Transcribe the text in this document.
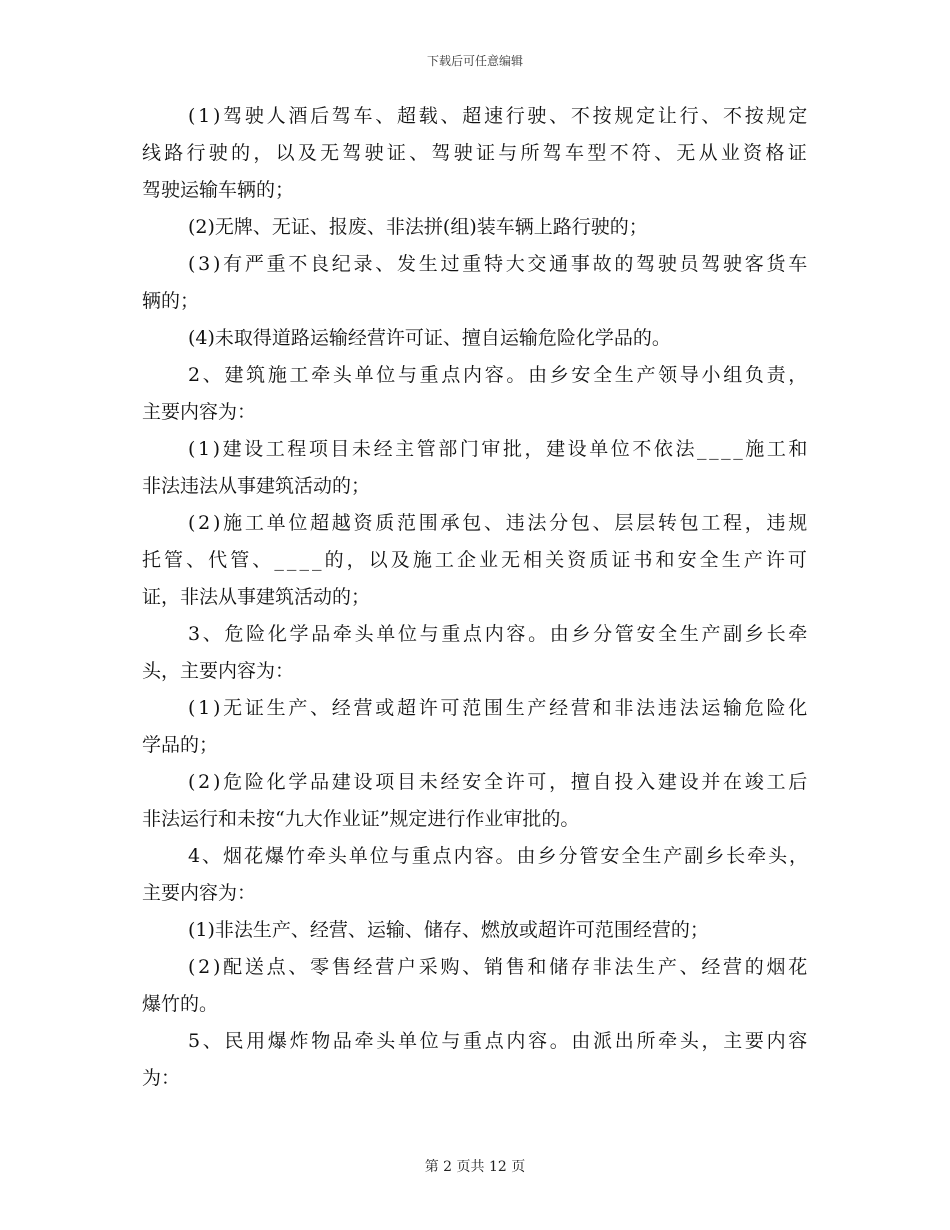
下载后可任意编辑
(1)驾驶人酒后驾车、超载、超速行驶、不按规定让行、不按规定
线路行驶的，以及无驾驶证、驾驶证与所驾车型不符、无从业资格证
驾驶运输车辆的；
(2)无牌、无证、报废、非法拼(组)装车辆上路行驶的；
(3)有严重不良纪录、发生过重特大交通事故的驾驶员驾驶客货车
辆的；
(4)未取得道路运输经营许可证、擅自运输危险化学品的。
2、建筑施工牵头单位与重点内容。由乡安全生产领导小组负责，
主要内容为：
(1)建设工程项目未经主管部门审批，建设单位不依法____施工和
非法违法从事建筑活动的；
(2)施工单位超越资质范围承包、违法分包、层层转包工程，违规
托管、代管、____的，以及施工企业无相关资质证书和安全生产许可
证，非法从事建筑活动的；
3、危险化学品牵头单位与重点内容。由乡分管安全生产副乡长牵
头，主要内容为：
(1)无证生产、经营或超许可范围生产经营和非法违法运输危险化
学品的；
(2)危险化学品建设项目未经安全许可，擅自投入建设并在竣工后
非法运行和未按“九大作业证”规定进行作业审批的。
4、烟花爆竹牵头单位与重点内容。由乡分管安全生产副乡长牵头，
主要内容为：
(1)非法生产、经营、运输、储存、燃放或超许可范围经营的；
(2)配送点、零售经营户采购、销售和储存非法生产、经营的烟花
爆竹的。
5、民用爆炸物品牵头单位与重点内容。由派出所牵头，主要内容
为：
第 2 页共 12 页
